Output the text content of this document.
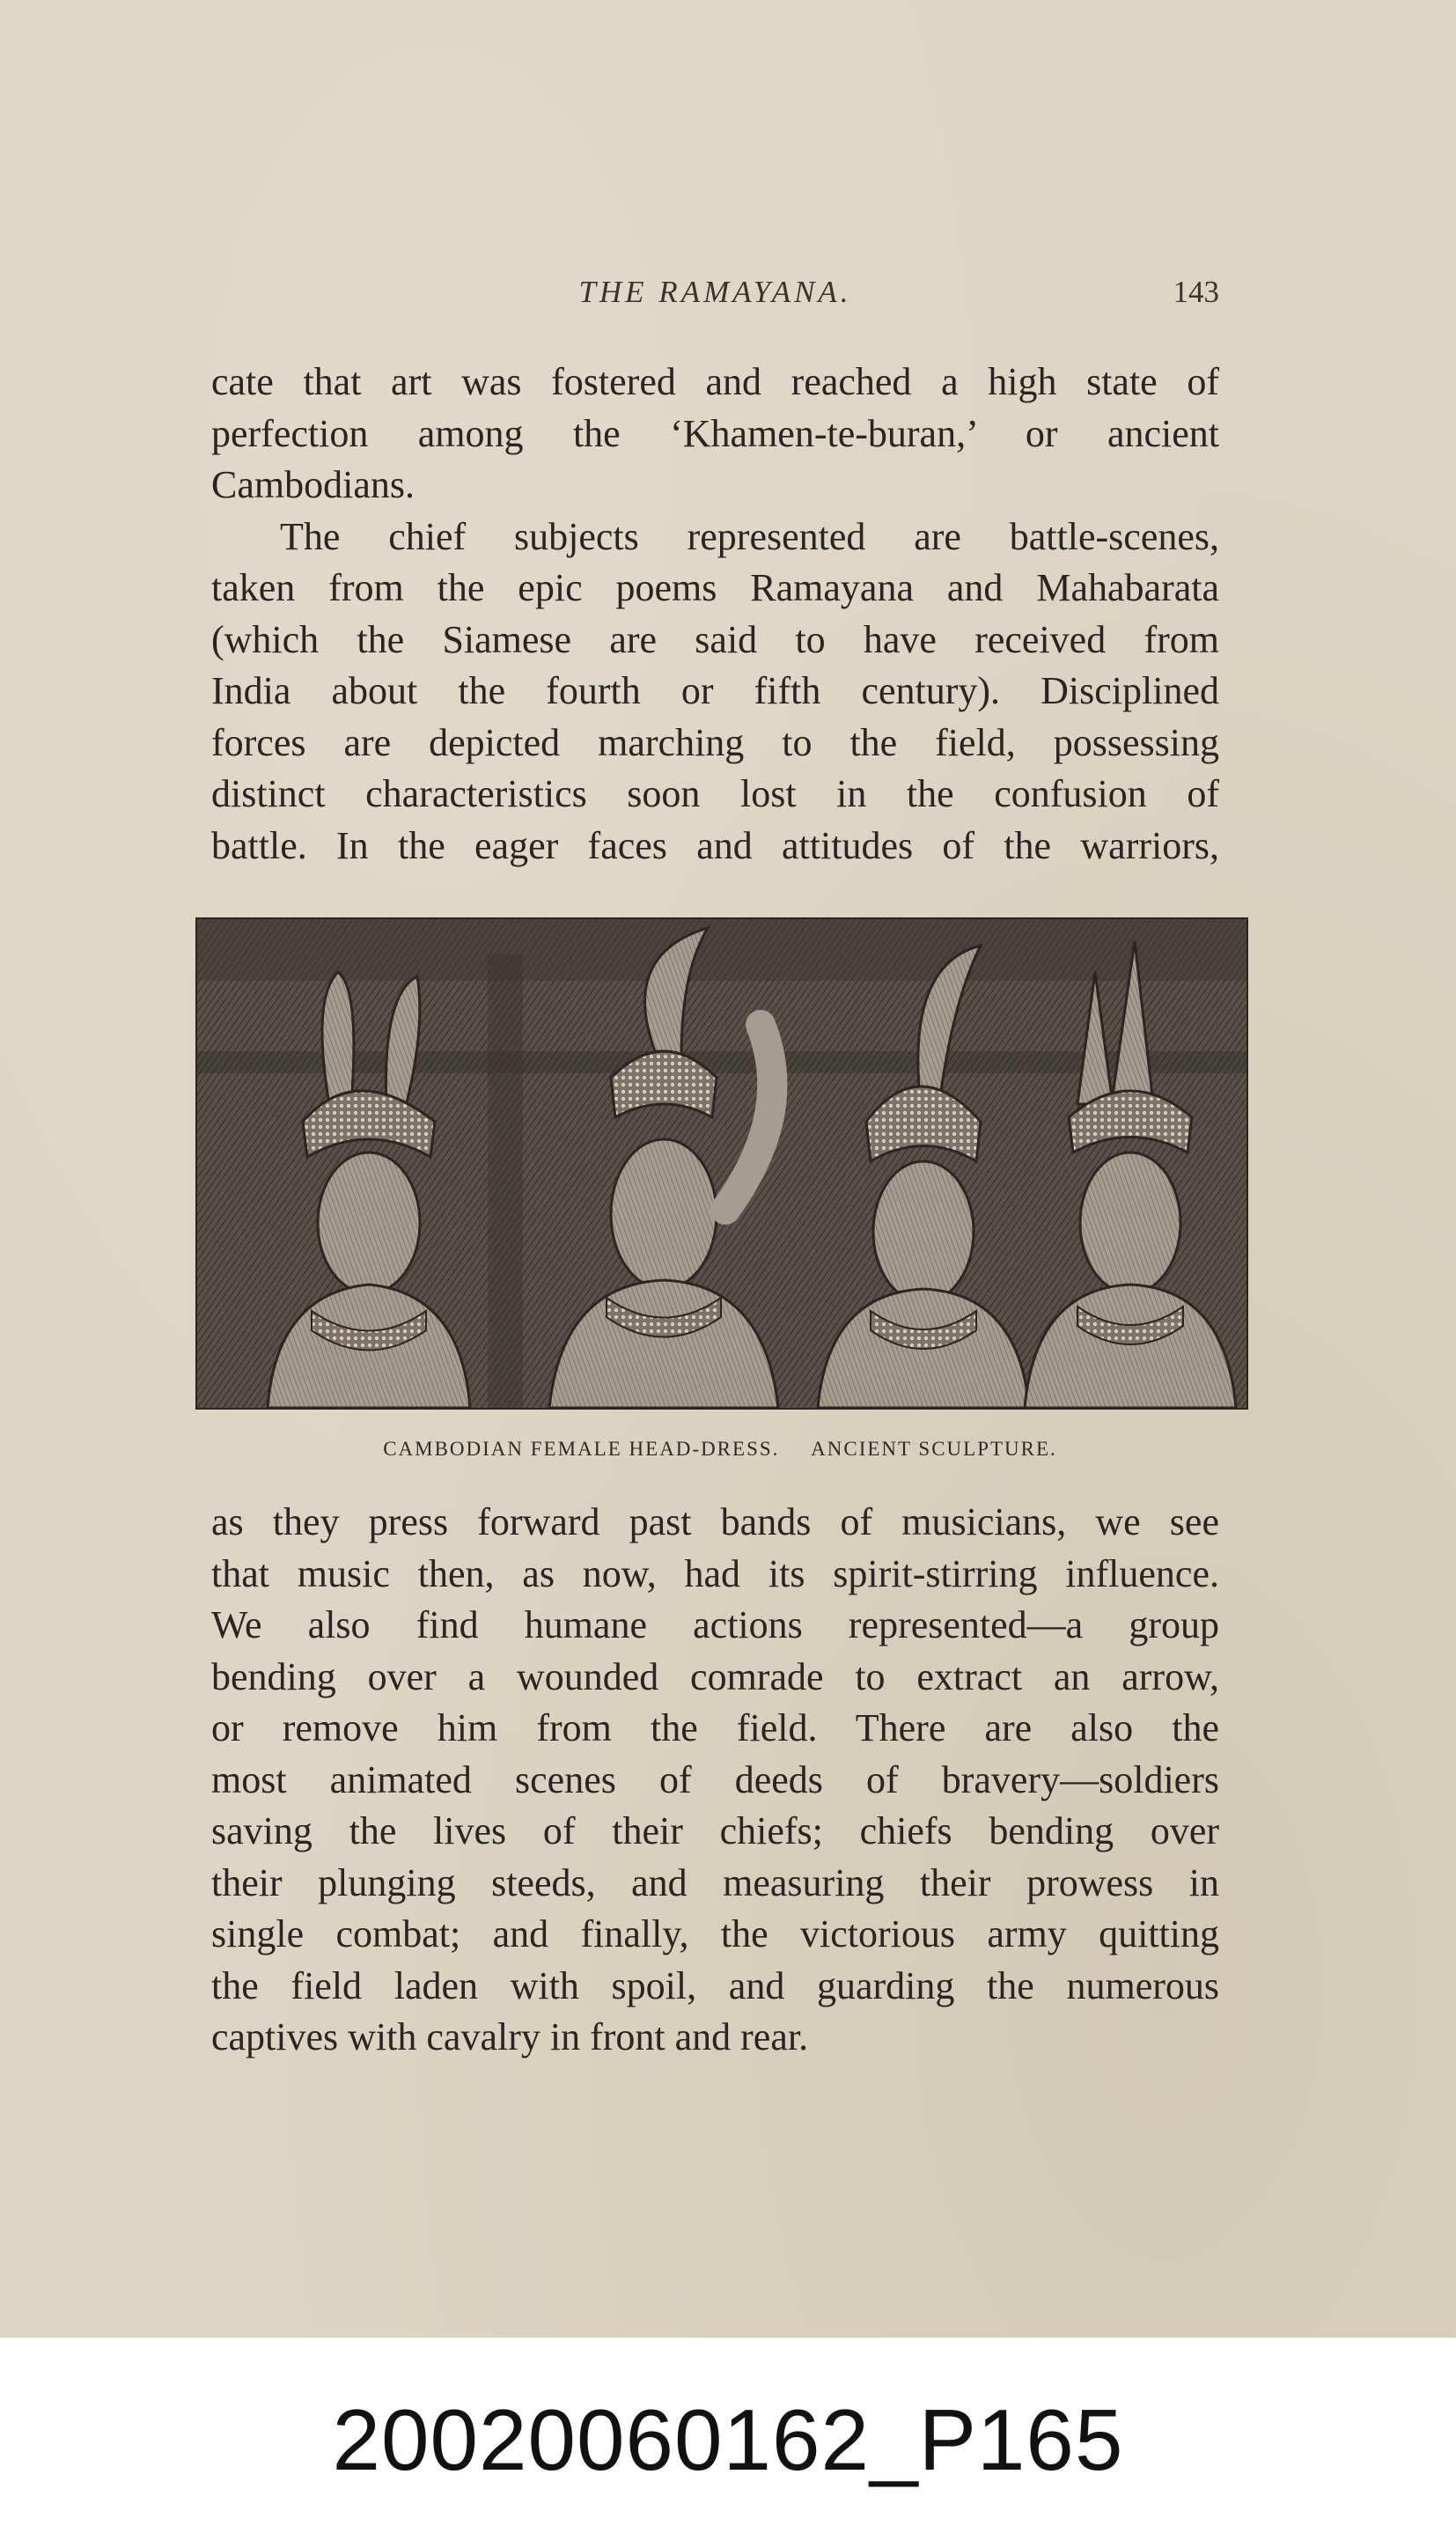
THE RAMAYANA.	143
cate that art was fostered and reached a high state of
perfection among the ‘Khamen-te-buran,’ or ancient
Cambodians.
The chief subjects represented are battle-scenes,
taken from the epic poems Ramayana and Mahabarata
(which the Siamese are said to have received from
India about the fourth or fifth century). Disciplined
forces are depicted marching to the field, possessing
distinct characteristics soon lost in the confusion of
battle. In the eager faces and attitudes of the warriors,
CAMBODIAN FEMALE HEAD-DRESS. ANCIENT SCULPTURE.
as they press forward past bands of musicians, we see
that music then, as now, had its spirit-stirring influence.
We also find humane actions represented—a group
bending over a wounded comrade to extract an arrow,
or remove him from the field. There are also the
most animated scenes of deeds of bravery—soldiers
saving the lives of their chiefs; chiefs bending over
their plunging steeds, and measuring their prowess in
single combat; and finally, the victorious army quitting
the field laden with spoil, and guarding the numerous
captives with cavalry in front and rear.
20020060162_P165
